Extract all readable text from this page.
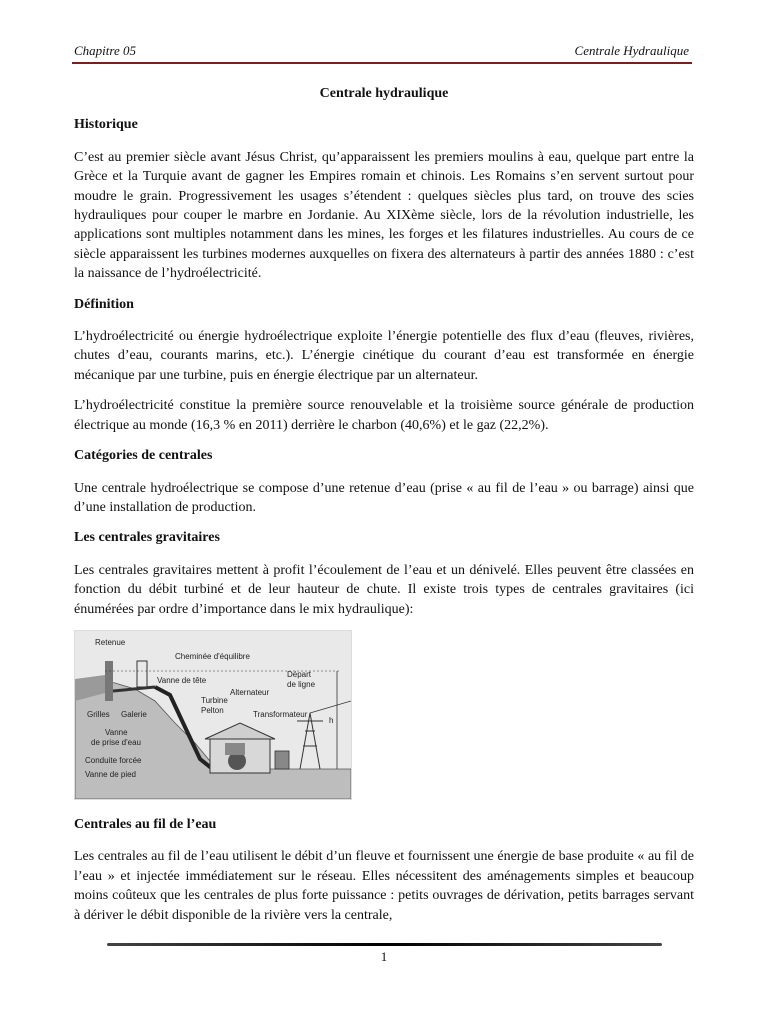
Chapitre 05	Centrale Hydraulique
Centrale hydraulique
Historique

C’est au premier siècle avant Jésus Christ, qu’apparaissent les premiers moulins à eau, quelque part entre la Grèce et la Turquie avant de gagner les Empires romain et chinois. Les Romains s’en servent surtout pour moudre le grain. Progressivement les usages s’étendent : quelques siècles plus tard, on trouve des scies hydrauliques pour couper le marbre en Jordanie. Au XIXème siècle, lors de la révolution industrielle, les applications sont multiples notamment dans les mines, les forges et les filatures industrielles. Au cours de ce siècle apparaissent les turbines modernes auxquelles on fixera des alternateurs à partir des années 1880 : c’est la naissance de l’hydroélectricité.

Définition

L’hydroélectricité ou énergie hydroélectrique exploite l’énergie potentielle des flux d’eau (fleuves, rivières, chutes d’eau, courants marins, etc.). L’énergie cinétique du courant d’eau est transformée en énergie mécanique par une turbine, puis en énergie électrique par un alternateur.

L’hydroélectricité constitue la première source renouvelable et la troisième source générale de production électrique au monde (16,3 % en 2011) derrière le charbon (40,6%) et le gaz (22,2%).

Catégories de centrales

Une centrale hydroélectrique se compose d’une retenue d’eau (prise « au fil de l’eau » ou barrage) ainsi que d’une installation de production.

Les centrales gravitaires

Les centrales gravitaires mettent à profit l’écoulement de l’eau et un dénivelé. Elles peuvent être classées en fonction du débit turbiné et de leur hauteur de chute. Il existe trois types de centrales gravitaires (ici énumérées par ordre d’importance dans le mix hydraulique):

Retenue
Cheminée d'équilibre
Vanne de tête
Alternateur
Départ
de ligne
Turbine
Pelton	Transformateur
Grilles Galerie
Vanne
de prise d'eau
Conduite forcée
Vanne de pied
h
Centrales au fil de l’eau

Les centrales au fil de l’eau utilisent le débit d’un fleuve et fournissent une énergie de base produite « au fil de l’eau » et injectée immédiatement sur le réseau. Elles nécessitent des aménagements simples et beaucoup moins coûteux que les centrales de plus forte puissance : petits ouvrages de dérivation, petits barrages servant à dériver le débit disponible de la rivière vers la centrale,

1
